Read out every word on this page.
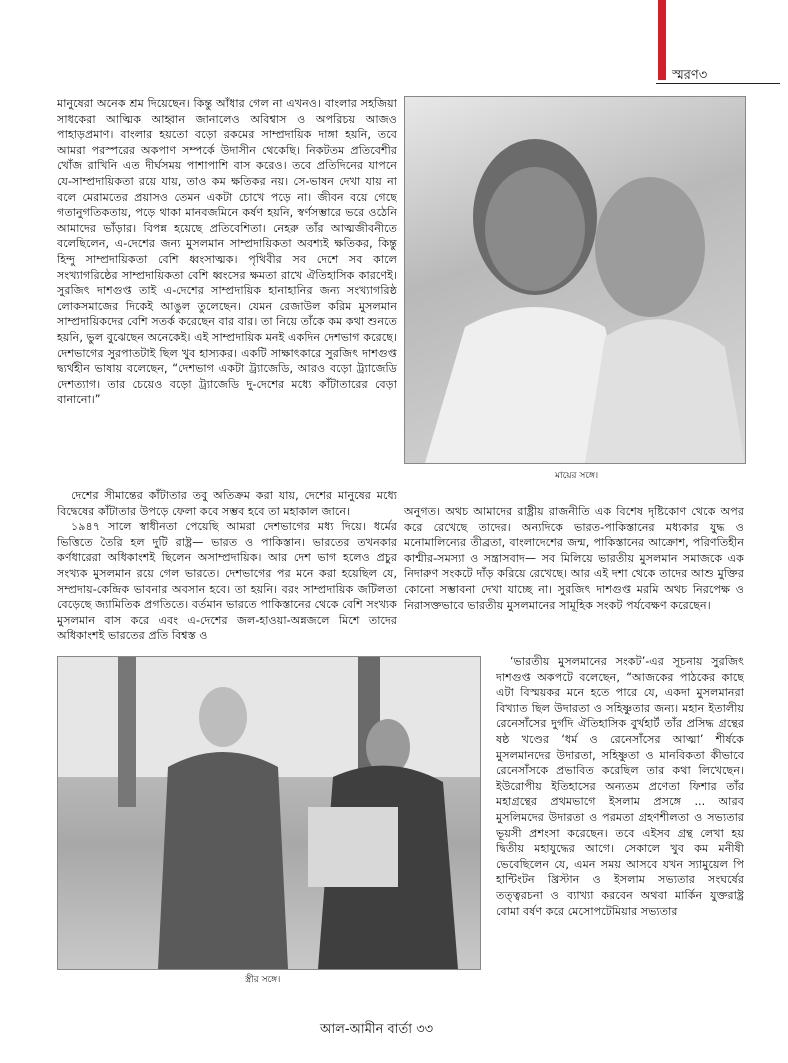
স্মরণ৩

মানুষেরা অনেক শ্রম দিয়েছেন। কিন্তু আঁধার গেল না এখনও। বাংলার সহজিয়া সাধকেরা আত্মিক আহ্বান জানালেও অবিশ্বাস ও অপরিচয় আজও পাহাড়প্রমাণ। বাংলার হয়তো বড়ো রকমের সাম্প্রদায়িক দাঙ্গা হয়নি, তবে আমরা পরস্পরের অকপাণ সম্পর্কে উদাসীন থেকেছি। নিকটতম প্রতিবেশীর খোঁজ রাখিনি এত দীর্ঘসময় পাশাপাশি বাস করেও। তবে প্রতিদিনের যাপনে যে-সাম্প্রদায়িকতা রয়ে যায়, তাও কম ক্ষতিকর নয়। সে-ভাষন দেখা যায় না বলে মেরামতের প্রয়াসও তেমন একটা চোখে পড়ে না। জীবন বয়ে গেছে গতানুগতিকতায়, পড়ে থাকা মানবজমিনে কর্ষণ হয়নি, স্বর্ণসম্ভারে ভরে ওঠেনি আমাদের ভাঁড়ার। বিপন্ন হয়েছে প্রতিবেশিতা। নেহরু তাঁর আত্মজীবনীতে বলেছিলেন, এ-দেশের জন্য মুসলমান সাম্প্রদায়িকতা অবশ্যই ক্ষতিকর, কিন্তু হিন্দু সাম্প্রদায়িকতা বেশি ধ্বংসাত্মক। পৃথিবীর সব দেশে সব কালে সংখ্যাগরিষ্ঠের সাম্প্রদায়িকতা বেশি ধ্বংসের ক্ষমতা রাখে ঐতিহাসিক কারণেই। সুরজিৎ দাশগুপ্ত তাই এ-দেশের সাম্প্রদায়িক হানাহানির জন্য সংখ্যাগরিষ্ঠ লোকসমাজের দিকেই আঙুল তুলেছেন। যেমন রেজাউল করিম মুসলমান সাম্প্রদায়িকদের বেশি সতর্ক করেছেন বার বার। তা নিয়ে তাঁকে কম কথা শুনতে হয়নি, ভুল বুঝেছেন অনেকেই। এই সাম্প্রদায়িক মনই একদিন দেশভাগ করেছে। দেশভাগের সুরপাতটাই ছিল খুব হাস্যকর। একটি সাক্ষাৎকারে সুরজিৎ দাশগুপ্ত দ্ব্যর্থহীন ভাষায় বলেছেন, “দেশভাগ একটা ট্র্যাজেডি, আরও বড়ো ট্র্যাজেডি দেশত্যাগ। তার চেয়েও বড়ো ট্র্যাজেডি দু-দেশের মধ্যে কাঁটাতারের বেড়া বানানো।”

দেশের সীমান্তের কাঁটাতার তবু অতিক্রম করা যায়, দেশের মানুষের মধ্যে বিদ্বেষের কাঁটাতার উপড়ে ফেলা কবে সম্ভব হবে তা মহাকাল জানে।

১৯৪৭ সালে স্বাধীনতা পেয়েছি আমরা দেশভাগের মধ্য দিয়ে। ধর্মের ভিত্তিতে তৈরি হল দুটি রাষ্ট্র— ভারত ও পাকিস্তান। ভারতের তখনকার কর্ণধারেরা অধিকাংশই ছিলেন অসাম্প্রদায়িক। আর দেশ ভাগ হলেও প্রচুর সংখ্যক মুসলমান রয়ে গেল ভারতে। দেশভাগের পর মনে করা হয়েছিল যে, সম্প্রদায়-কেন্দ্রিক ভাবনার অবসান হবে। তা হয়নি। বরং সাম্প্রদায়িক জটিলতা বেড়েছে জ্যামিতিক প্রগতিতে। বর্তমান ভারতে পাকিস্তানের থেকে বেশি সংখ্যক মুসলমান বাস করে এবং এ-দেশের জল-হাওয়া-অন্নজলে মিশে তাদের অধিকাংশই ভারতের প্রতি বিশ্বস্ত ও

মায়ের সঙ্গে।

অনুগত। অথচ আমাদের রাষ্ট্রীয় রাজনীতি এক বিশেষ দৃষ্টিকোণ থেকে অপর করে রেখেছে তাদের। অন্যদিকে ভারত-পাকিস্তানের মধ্যকার যুদ্ধ ও মনোমালিন্যের তীব্রতা, বাংলাদেশের জন্ম, পাকিস্তানের আক্রোশ, পরিণতিহীন কাশ্মীর-সমস্যা ও সন্ত্রাসবাদ— সব মিলিয়ে ভারতীয় মুসলমান সমাজকে এক নিদারুণ সংকটে দাঁড় করিয়ে রেখেছে। আর এই দশা থেকে তাদের আশু মুক্তির কোনো সম্ভাবনা দেখা যাচ্ছে না। সুরজিৎ দাশগুপ্ত মরমি অথচ নিরপেক্ষ ও নিরাসক্তভাবে ভারতীয় মুসলমানের সামূহিক সংকট পর্যবেক্ষণ করেছেন।

স্ত্রীর সঙ্গে।

‘ভারতীয় মুসলমানের সংকট’-এর সূচনায় সুরজিৎ দাশগুপ্ত অকপটে বলেছেন, “আজকের পাঠকের কাছে এটা বিস্ময়কর মনে হতে পারে যে, একদা মুসলমানরা বিখ্যাত ছিল উদারতা ও সহিষ্ণুতার জন্য। মহান ইতালীয় রেনেসাঁসের দুর্গদি ঐতিহাসিক বুর্খহার্ট তাঁর প্রসিদ্ধ গ্রন্থের ষষ্ঠ খণ্ডের ‘ধর্ম ও রেনেসাঁসের আত্মা’ শীর্ষকে মুসলমানদের উদারতা, সহিষ্ণুতা ও মানবিকতা কীভাবে রেনেসাঁসকে প্রভাবিত করেছিল তার কথা লিখেছেন। ইউরোপীয় ইতিহাসের অন্যতম প্রণেতা ফিশার তাঁর মহাগ্রন্থের প্রথমভাগে ইসলাম প্রসঙ্গে ... আরব মুসলিমদের উদারতা ও পরমতা গ্রহণশীলতা ও সভ্যতার ভূয়সী প্রশংসা করেছেন। তবে এইসব গ্রন্থ লেখা হয় দ্বিতীয় মহাযুদ্ধের আগে। সেকালে খুব কম মনীষী ভেবেছিলেন যে, এমন সময় আসবে যখন স্যামুয়েল পি হান্টিংটন খ্রিস্টান ও ইসলাম সভ্যতার সংঘর্ষের তত্ত্বরচনা ও ব্যাখ্যা করবেন অথবা মার্কিন যুক্তরাষ্ট্র বোমা বর্ষণ করে মেসোপটেমিয়ার সভ্যতার

আল-আমীন বার্তা ৩৩
